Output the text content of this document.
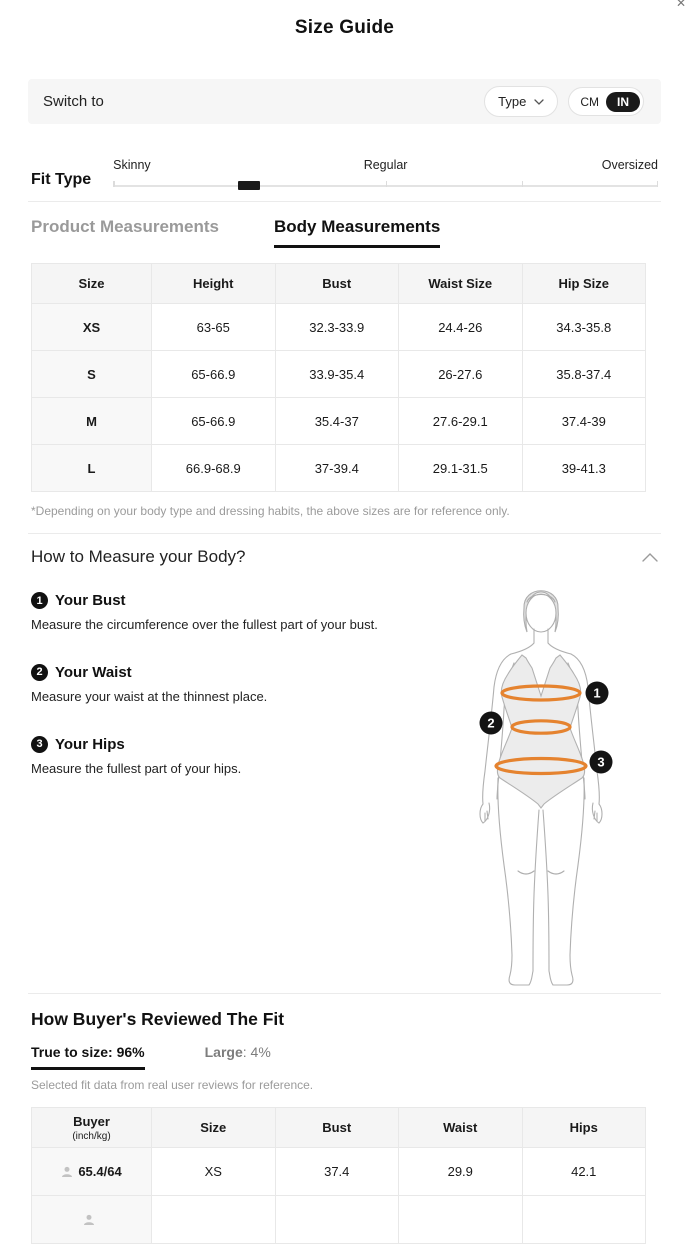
✕
Size Guide
Switch to	Type	CM	IN
Fit Type
Skinny	Regular	Oversized
Product Measurements	Body Measurements
Size	Height	Bust	Waist Size	Hip Size
XS	63-65	32.3-33.9	24.4-26	34.3-35.8
S	65-66.9	33.9-35.4	26-27.6	35.8-37.4
M	65-66.9	35.4-37	27.6-29.1	37.4-39
L	66.9-68.9	37-39.4	29.1-31.5	39-41.3

*Depending on your body type and dressing habits, the above sizes are for reference only.

How to Measure your Body?
1 Your Bust
Measure the circumference over the fullest part of your bust.
2 Your Waist
Measure your waist at the thinnest place.
3 Your Hips
Measure the fullest part of your hips.
1
2
3
How Buyer's Reviewed The Fit
True to size: 96%	Large: 4%

Selected fit data from real user reviews for reference.

Buyer
(inch/kg)	Size	Bust	Waist	Hips

65.4/64	XS	37.4	29.9	42.1
